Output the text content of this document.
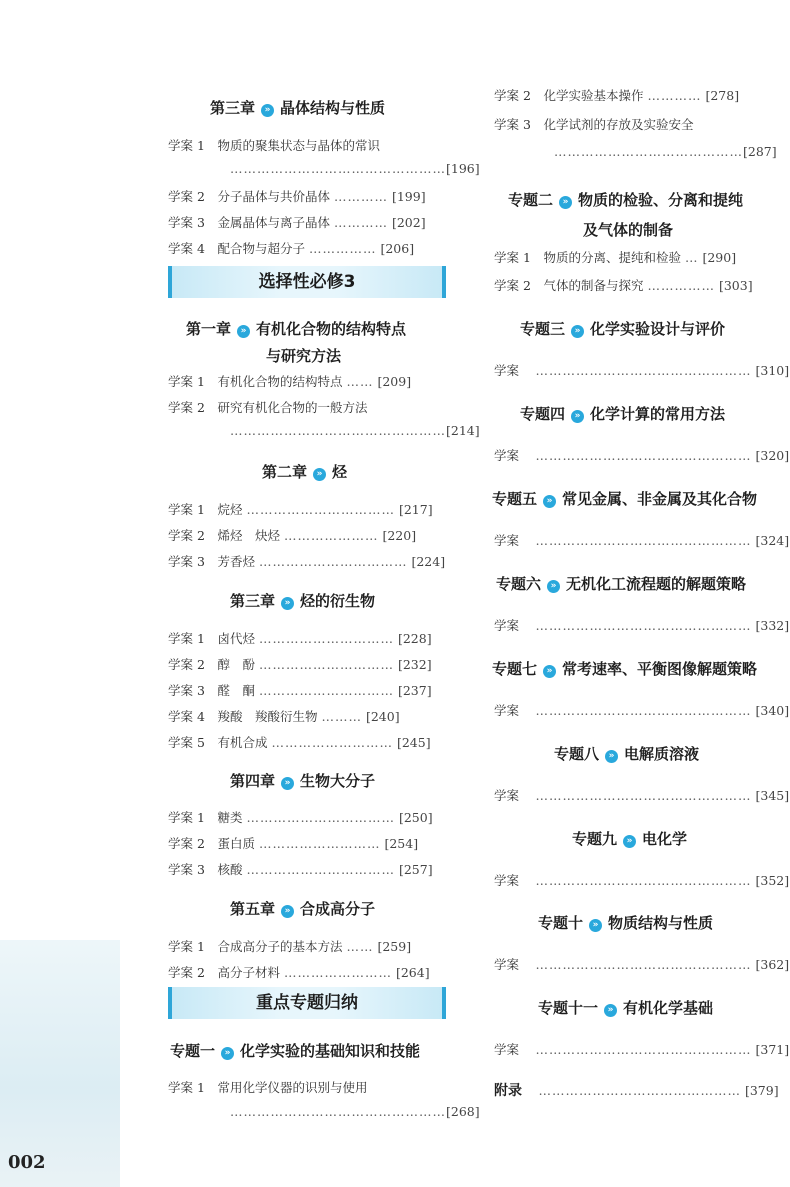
第三章 » 晶体结构与性质
学案 1　 物质的聚集状态与晶体的常识
…………………………………………[196]
学案 2　 分子晶体与共价晶体 ………… [199]
学案 3　 金属晶体与离子晶体 ………… [202]
学案 4　 配合物与超分子 …………… [206]
选择性必修3
第一章 » 有机化合物的结构特点
与研究方法
学案 1　 有机化合物的结构特点 …… [209]
学案 2　 研究有机化合物的一般方法
…………………………………………[214]
第二章 » 烃
学案 1　 烷烃 …………………………… [217]
学案 2　 烯烃　炔烃 ………………… [220]
学案 3　 芳香烃 …………………………… [224]
第三章 » 烃的衍生物
学案 1　 卤代烃 ………………………… [228]
学案 2　 醇　酚 ………………………… [232]
学案 3　 醛　酮 ………………………… [237]
学案 4　 羧酸　羧酸衍生物 ……… [240]
学案 5　 有机合成 ……………………… [245]
第四章 » 生物大分子
学案 1　 糖类 …………………………… [250]
学案 2　 蛋白质 ……………………… [254]
学案 3　 核酸 …………………………… [257]
第五章 » 合成高分子
学案 1　 合成高分子的基本方法 …… [259]
学案 2　 高分子材料 …………………… [264]
重点专题归纳
专题一 » 化学实验的基础知识和技能
学案 1　 常用化学仪器的识别与使用
…………………………………………[268]
002
学案 2　 化学实验基本操作 ………… [278]
学案 3　 化学试剂的存放及实验安全
……………………………………[287]
专题二 » 物质的检验、分离和提纯
及气体的制备
学案 1　 物质的分离、提纯和检验 … [290]
学案 2　 气体的制备与探究 …………… [303]
专题三 » 化学实验设计与评价
学案　 ………………………………………… [310]
专题四 » 化学计算的常用方法
学案　 ………………………………………… [320]
专题五 » 常见金属、非金属及其化合物
学案　 ………………………………………… [324]
专题六 » 无机化工流程题的解题策略
学案　 ………………………………………… [332]
专题七 » 常考速率、平衡图像解题策略
学案　 ………………………………………… [340]
专题八 » 电解质溶液
学案　 ………………………………………… [345]
专题九 » 电化学
学案　 ………………………………………… [352]
专题十 » 物质结构与性质
学案　 ………………………………………… [362]
专题十一 » 有机化学基础
学案　 ………………………………………… [371]
附录　 ……………………………………… [379]
